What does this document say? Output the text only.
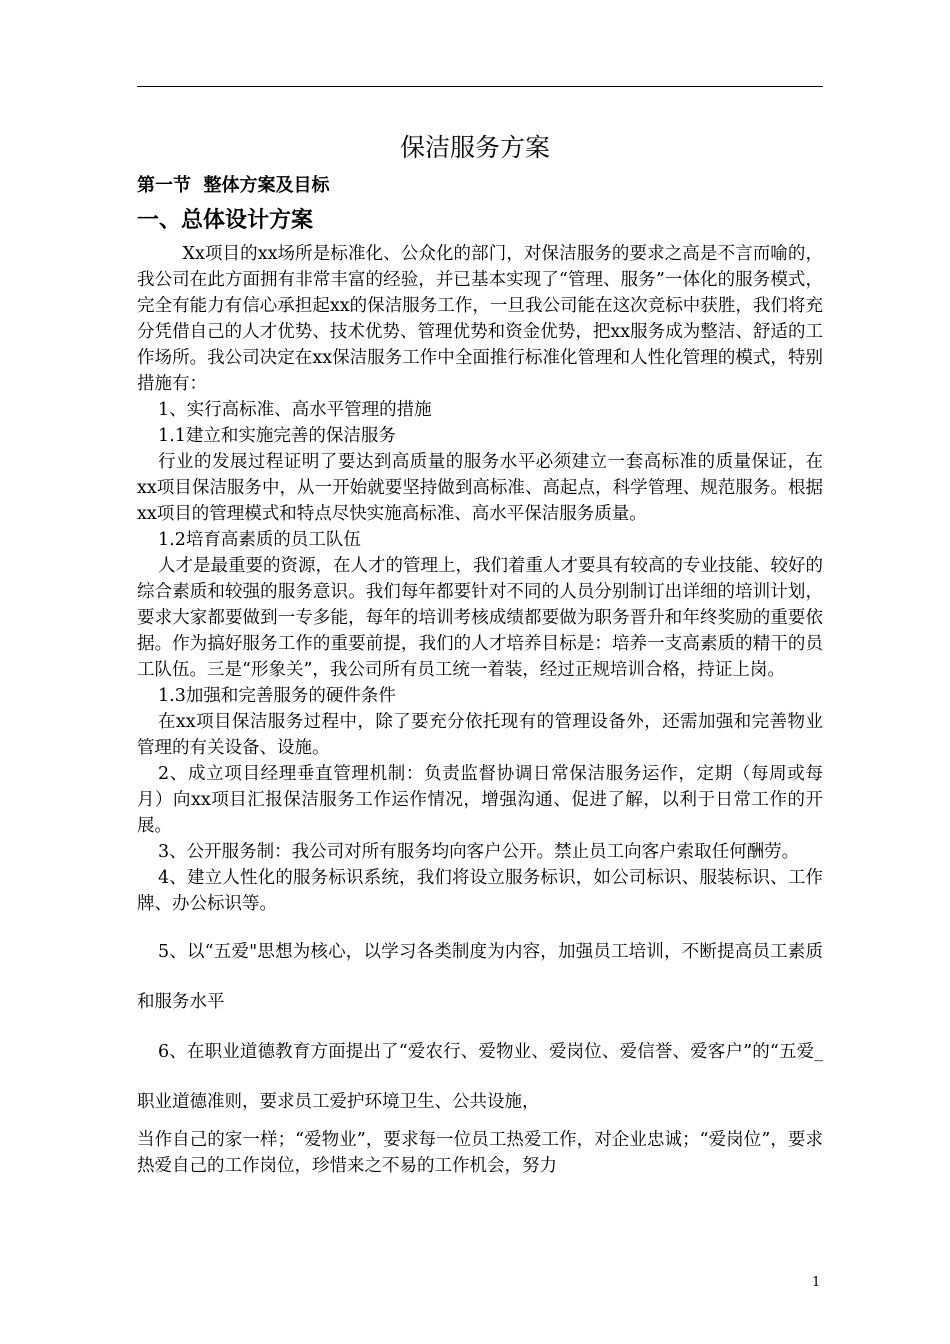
保洁服务方案
第一节  整体方案及目标
一、总体设计方案

Xx项目的xx场所是标准化、公众化的部门，对保洁服务的要求之高是不言而喻的，我公司在此方面拥有非常丰富的经验，并已基本实现了“管理、服务”一体化的服务模式，完全有能力有信心承担起xx的保洁服务工作，一旦我公司能在这次竞标中获胜，我们将充分凭借自己的人才优势、技术优势、管理优势和资金优势，把xx服务成为整洁、舒适的工作场所。我公司决定在xx保洁服务工作中全面推行标准化管理和人性化管理的模式，特别措施有：

1、实行高标准、高水平管理的措施

1.1建立和实施完善的保洁服务

行业的发展过程证明了要达到高质量的服务水平必须建立一套高标准的质量保证，在xx项目保洁服务中，从一开始就要坚持做到高标准、高起点，科学管理、规范服务。根据xx项目的管理模式和特点尽快实施高标准、高水平保洁服务质量。

1.2培育高素质的员工队伍

人才是最重要的资源，在人才的管理上，我们着重人才要具有较高的专业技能、较好的综合素质和较强的服务意识。我们每年都要针对不同的人员分别制订出详细的培训计划，要求大家都要做到一专多能，每年的培训考核成绩都要做为职务晋升和年终奖励的重要依据。作为搞好服务工作的重要前提，我们的人才培养目标是：培养一支高素质的精干的员工队伍。三是“形象关”，我公司所有员工统一着装，经过正规培训合格，持证上岗。

1.3加强和完善服务的硬件条件

在xx项目保洁服务过程中，除了要充分依托现有的管理设备外，还需加强和完善物业管理的有关设备、设施。

2、成立项目经理垂直管理机制：负责监督协调日常保洁服务运作，定期（每周或每月）向xx项目汇报保洁服务工作运作情况，增强沟通、促进了解，以利于日常工作的开展。

3、公开服务制：我公司对所有服务均向客户公开。禁止员工向客户索取任何酬劳。

4、建立人性化的服务标识系统，我们将设立服务标识，如公司标识、服装标识、工作牌、办公标识等。

5、以“五爱"思想为核心，以学习各类制度为内容，加强员工培训，不断提高员工素质和服务水平

6、在职业道德教育方面提出了“爱农行、爱物业、爱岗位、爱信誉、爱客户”的“五爱_职业道德准则，要求员工爱护环境卫生、公共设施，

当作自己的家一样；“爱物业”，要求每一位员工热爱工作，对企业忠诚；“爱岗位”，要求热爱自己的工作岗位，珍惜来之不易的工作机会，努力

1
